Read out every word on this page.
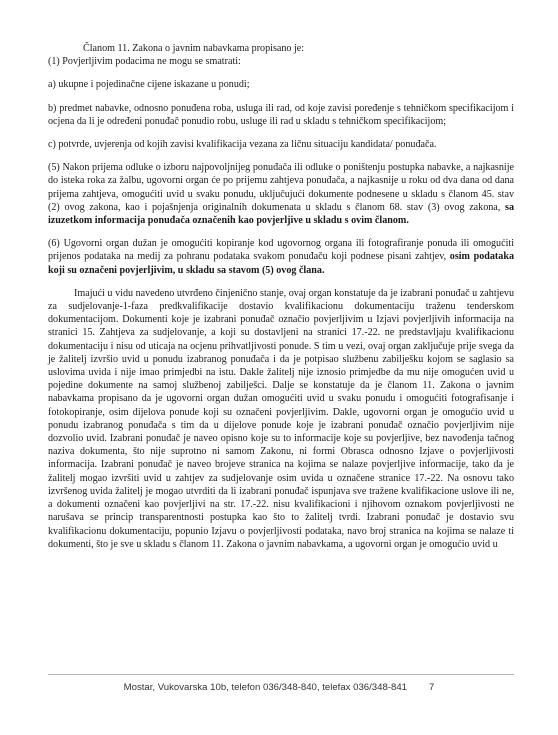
Članom 11. Zakona o javnim nabavkama propisano je:

(1) Povjerljivim podacima ne mogu se smatrati:

a) ukupne i pojedinačne cijene iskazane u ponudi;

b) predmet nabavke, odnosno ponuđena roba, usluga ili rad, od koje zavisi poređenje s tehničkom specifikacijom i ocjena da li je određeni ponuđač ponudio robu, usluge ili rad u skladu s tehničkom specifikacijom;

c) potvrde, uvjerenja od kojih zavisi kvalifikacija vezana za ličnu situaciju kandidata/ ponuđača.

(5) Nakon prijema odluke o izboru najpovoljnijeg ponuđača ili odluke o poništenju postupka nabavke, a najkasnije do isteka roka za žalbu, ugovorni organ će po prijemu zahtjeva ponuđača, a najkasnije u roku od dva dana od dana prijema zahtjeva, omogućiti uvid u svaku ponudu, uključujući dokumente podnesene u skladu s članom 45. stav (2) ovog zakona, kao i pojašnjenja originalnih dokumenata u skladu s članom 68. stav (3) ovog zakona, sa izuzetkom informacija ponuđača označenih kao povjerljive u skladu s ovim članom.

(6) Ugovorni organ dužan je omogućiti kopiranje kod ugovornog organa ili fotografiranje ponuda ili omogućiti prijenos podataka na medij za pohranu podataka svakom ponuđaču koji podnese pisani zahtjev, osim podataka koji su označeni povjerljivim, u skladu sa stavom (5) ovog člana.

Imajući u vidu navedeno utvrđeno činjenično stanje, ovaj organ konstatuje da je izabrani ponuđač u zahtjevu za sudjelovanje-1-faza predkvalifikacije dostavio kvalifikacionu dokumentaciju traženu tenderskom dokumentacijom. Dokumenti koje je izabrani ponuđač označio povjerljivim u Izjavi povjerljivih informacija na stranici 15. Zahtjeva za sudjelovanje, a koji su dostavljeni na stranici 17.-22. ne predstavljaju kvalifikacionu dokumentaciju i nisu od uticaja na ocjenu prihvatljivosti ponude. S tim u vezi, ovaj organ zaključuje prije svega da je žalitelj izvršio uvid u ponudu izabranog ponuđača i da je potpisao službenu zabilješku kojom se saglasio sa uslovima uvida i nije imao primjedbi na istu. Dakle žalitelj nije iznosio primjedbe da mu nije omogućen uvid u pojedine dokumente na samoj službenoj zabilješci. Dalje se konstatuje da je članom 11. Zakona o javnim nabavkama propisano da je ugovorni organ dužan omogućiti uvid u svaku ponudu i omogućiti fotografisanje i fotokopiranje, osim dijelova ponude koji su označeni povjerljivim. Dakle, ugovorni organ je omogućio uvid u ponudu izabranog ponuđača s tim da u dijelove ponude koje je izabrani ponuđač označio povjerljivim nije dozvolio uvid. Izabrani ponuđač je naveo opisno koje su to informacije koje su povjerljive, bez navođenja tačnog naziva dokumenta, što nije suprotno ni samom Zakonu, ni formi Obrasca odnosno Izjave o povjerljivosti informacija. Izabrani ponuđač je naveo brojeve stranica na kojima se nalaze povjerljive informacije, tako da je žalitelj mogao izvršiti uvid u zahtjev za sudjelovanje osim uvida u označene stranice 17.-22. Na osnovu tako izvršenog uvida žalitelj je mogao utvrditi da li izabrani ponuđač ispunjava sve tražene kvalifikacione uslove ili ne, a dokumenti označeni kao povjerljivi na str. 17.-22. nisu kvalifikacioni i njihovom oznakom povjerljivosti ne narušava se princip transparentnosti postupka kao što to žalitelj tvrdi. Izabrani ponuđač je dostavio svu kvalifikacionu dokumentaciju, popunio Izjavu o povjerljivosti podataka, navo broj stranica na kojima se nalaze ti dokumenti, što je sve u skladu s članom 11. Zakona o javnim nabavkama, a ugovorni organ je omogućio uvid u

Mostar, Vukovarska 10b, telefon 036/348-840, telefax 036/348-841 7
